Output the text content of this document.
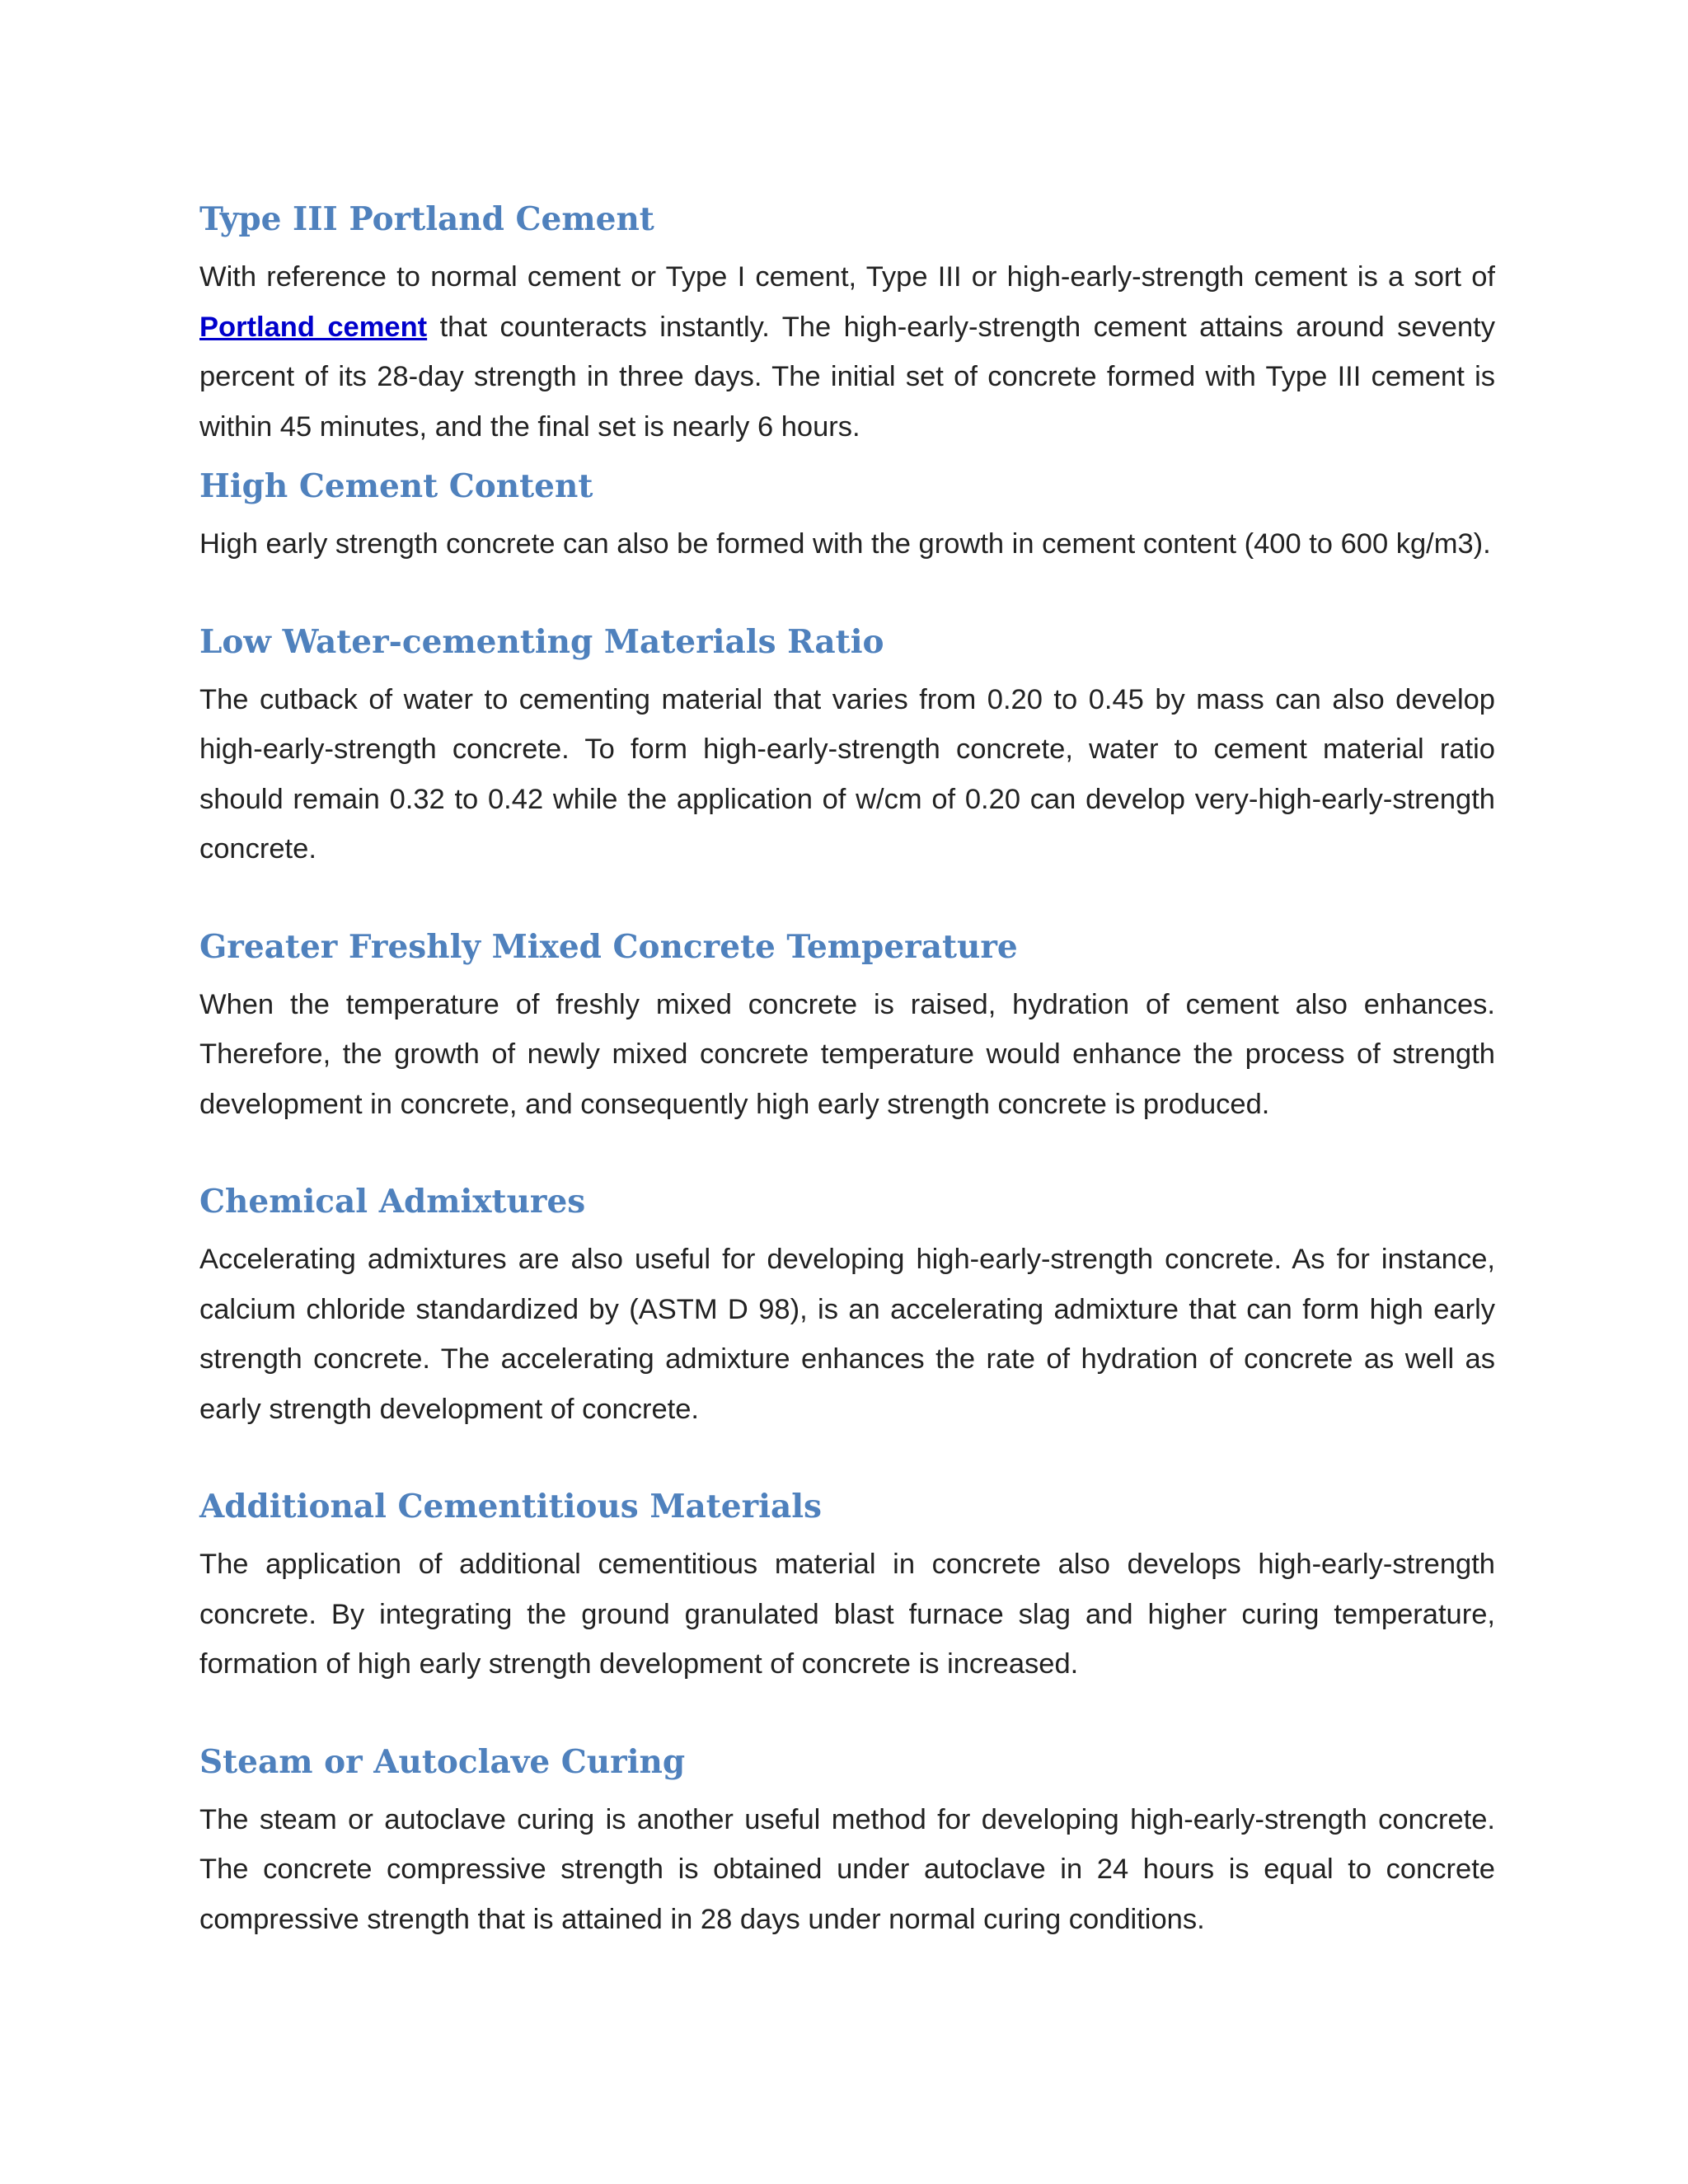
Type III Portland Cement

With reference to normal cement or Type I cement, Type III or high-early-strength cement is a sort of Portland cement that counteracts instantly. The high-early-strength cement attains around seventy percent of its 28-day strength in three days. The initial set of concrete formed with Type III cement is within 45 minutes, and the final set is nearly 6 hours.

High Cement Content

High early strength concrete can also be formed with the growth in cement content (400 to 600 kg/m3).

Low Water-cementing Materials Ratio

The cutback of water to cementing material that varies from 0.20 to 0.45 by mass can also develop high-early-strength concrete. To form high-early-strength concrete, water to cement material ratio should remain 0.32 to 0.42 while the application of w/cm of 0.20 can develop very-high-early-strength concrete.

Greater Freshly Mixed Concrete Temperature

When the temperature of freshly mixed concrete is raised, hydration of cement also enhances. Therefore, the growth of newly mixed concrete temperature would enhance the process of strength development in concrete, and consequently high early strength concrete is produced.

Chemical Admixtures

Accelerating admixtures are also useful for developing high-early-strength concrete. As for instance, calcium chloride standardized by (ASTM D 98), is an accelerating admixture that can form high early strength concrete. The accelerating admixture enhances the rate of hydration of concrete as well as early strength development of concrete.

Additional Cementitious Materials

The application of additional cementitious material in concrete also develops high-early-strength concrete. By integrating the ground granulated blast furnace slag and higher curing temperature, formation of high early strength development of concrete is increased.

Steam or Autoclave Curing

The steam or autoclave curing is another useful method for developing high-early-strength concrete. The concrete compressive strength is obtained under autoclave in 24 hours is equal to concrete compressive strength that is attained in 28 days under normal curing conditions.
